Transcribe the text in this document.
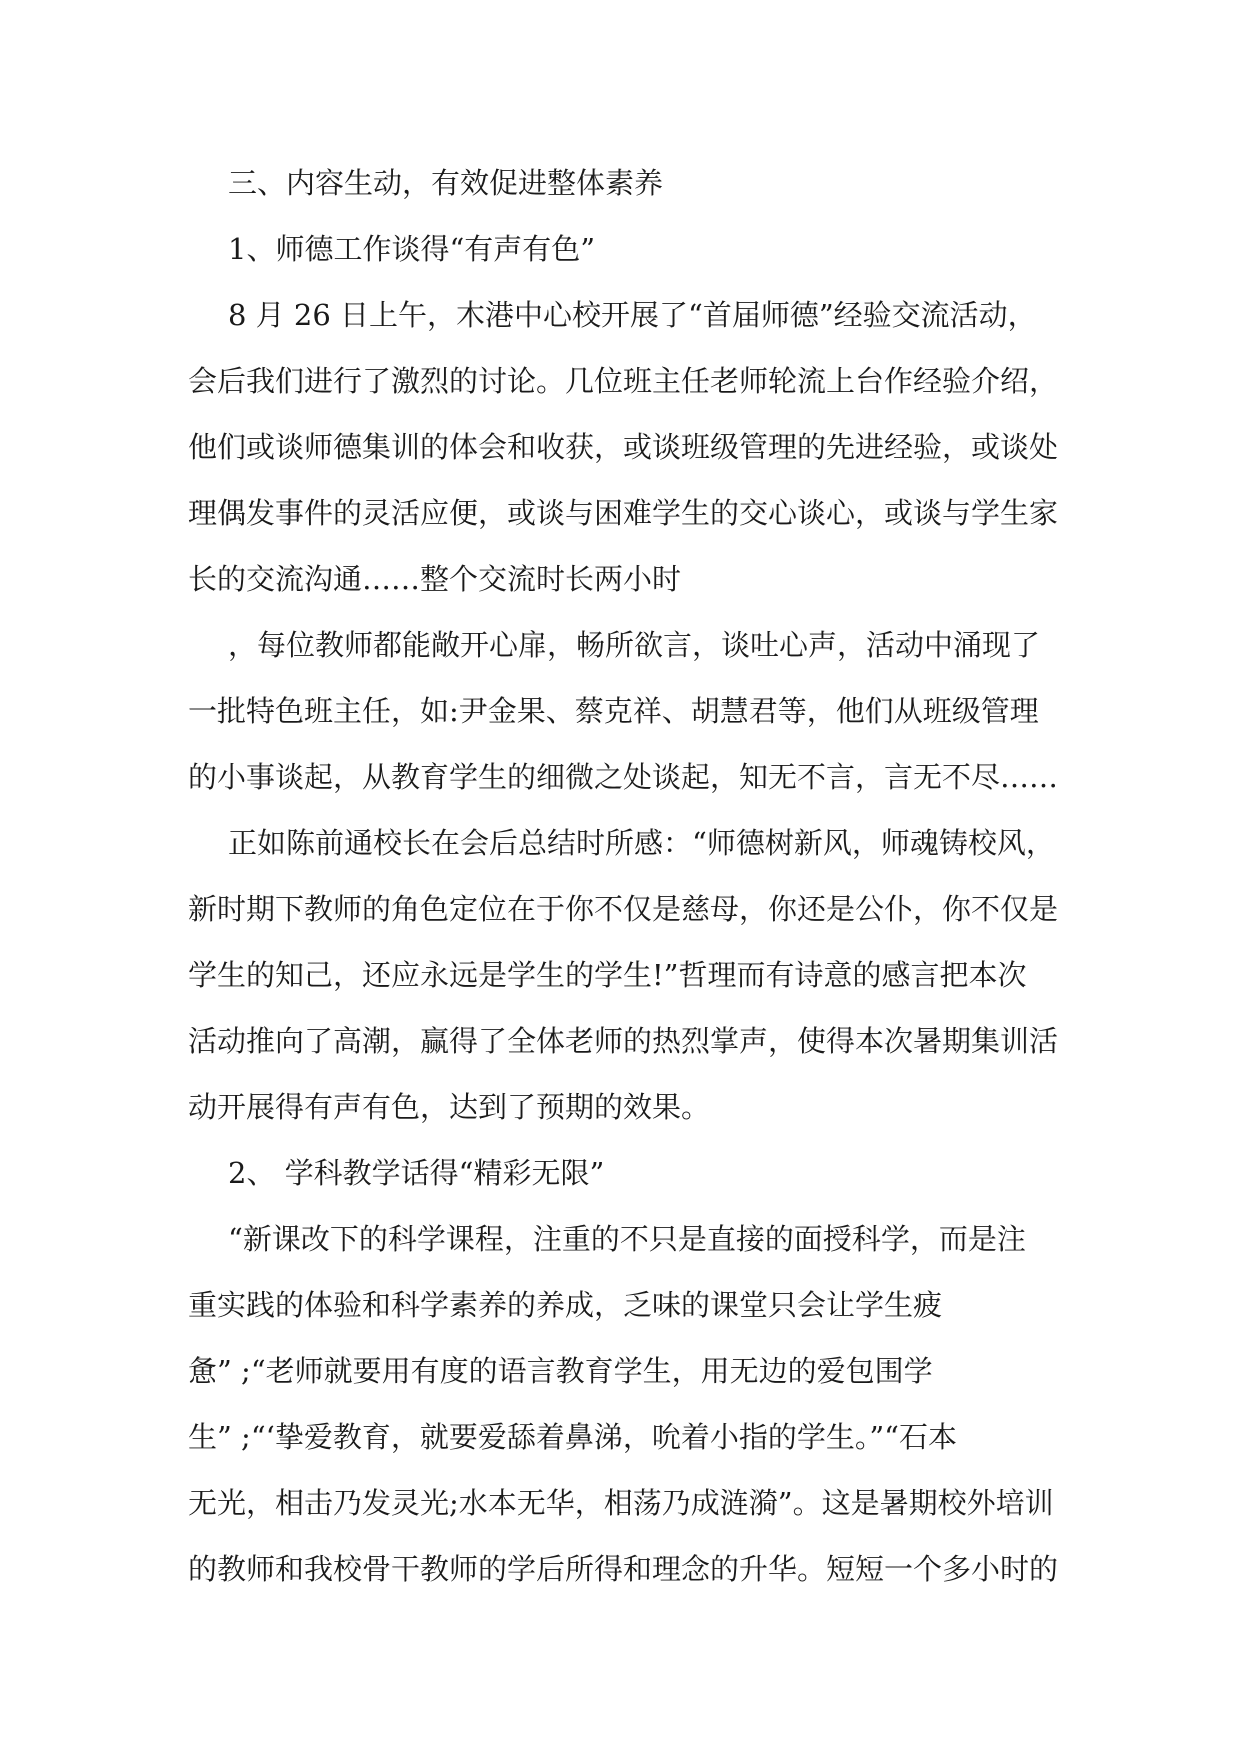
三、内容生动，有效促进整体素养

1、师德工作谈得“有声有色”

8 月 26 日上午，木港中心校开展了“首届师德”经验交流活动，

会后我们进行了激烈的讨论。几位班主任老师轮流上台作经验介绍，

他们或谈师德集训的体会和收获，或谈班级管理的先进经验，或谈处

理偶发事件的灵活应便，或谈与困难学生的交心谈心，或谈与学生家

长的交流沟通……整个交流时长两小时

，每位教师都能敞开心扉，畅所欲言，谈吐心声，活动中涌现了

一批特色班主任，如:尹金果、蔡克祥、胡慧君等，他们从班级管理

的小事谈起，从教育学生的细微之处谈起，知无不言，言无不尽……

正如陈前通校长在会后总结时所感：“师德树新风，师魂铸校风，

新时期下教师的角色定位在于你不仅是慈母，你还是公仆，你不仅是

学生的知己，还应永远是学生的学生!”哲理而有诗意的感言把本次

活动推向了高潮，赢得了全体老师的热烈掌声，使得本次暑期集训活

动开展得有声有色，达到了预期的效果。

2、 学科教学话得“精彩无限”

“新课改下的科学课程，注重的不只是直接的面授科学，而是注

重实践的体验和科学素养的养成，乏味的课堂只会让学生疲

惫” ;“老师就要用有度的语言教育学生，用无边的爱包围学

生” ;“‘挚爱教育，就要爱舔着鼻涕，吮着小指的学生。”“石本

无光，相击乃发灵光;水本无华，相荡乃成涟漪”。这是暑期校外培训

的教师和我校骨干教师的学后所得和理念的升华。短短一个多小时的
